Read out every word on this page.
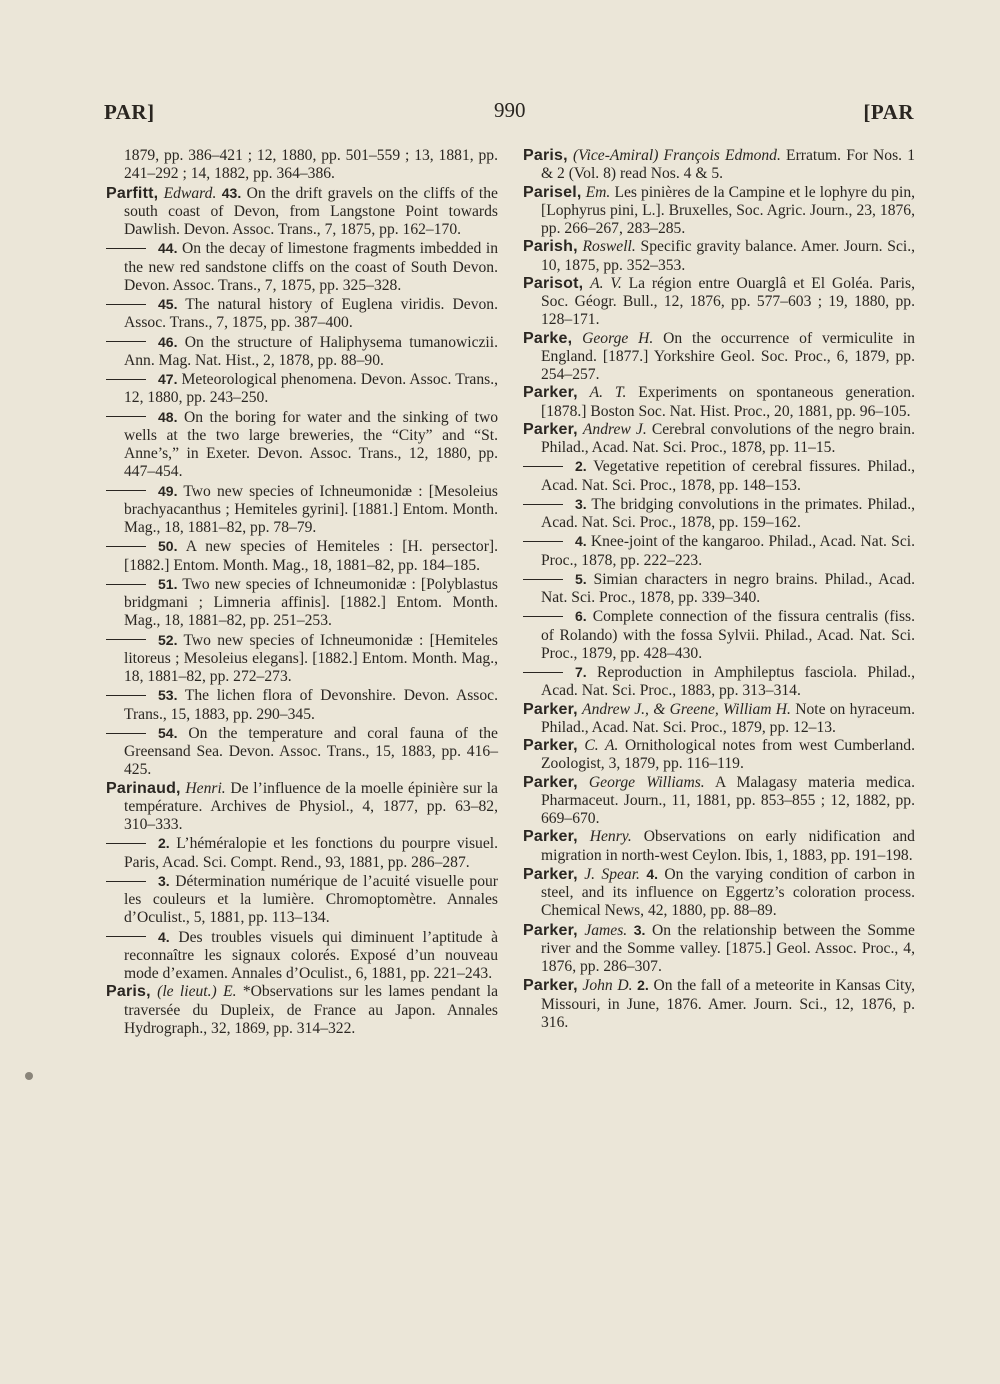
PAR]	990	[PAR

1879, pp. 386–421 ; 12, 1880, pp. 501–559 ; 13, 1881, pp. 241–292 ; 14, 1882, pp. 364–386.

Parfitt, Edward. 43. On the drift gravels on the cliffs of the south coast of Devon, from Langstone Point towards Dawlish. Devon. Assoc. Trans., 7, 1875, pp. 162–170.

44. On the decay of limestone fragments imbedded in the new red sandstone cliffs on the coast of South Devon. Devon. Assoc. Trans., 7, 1875, pp. 325–328.

45. The natural history of Euglena viridis. Devon. Assoc. Trans., 7, 1875, pp. 387–400.

46. On the structure of Haliphysema tumanowiczii. Ann. Mag. Nat. Hist., 2, 1878, pp. 88–90.

47. Meteorological phenomena. Devon. Assoc. Trans., 12, 1880, pp. 243–250.

48. On the boring for water and the sinking of two wells at the two large breweries, the “City” and “St. Anne’s,” in Exeter. Devon. Assoc. Trans., 12, 1880, pp. 447–454.

49. Two new species of Ichneumonidæ : [Mesoleius brachyacanthus ; Hemiteles gyrini]. [1881.] Entom. Month. Mag., 18, 1881–82, pp. 78–79.

50. A new species of Hemiteles : [H. persector]. [1882.] Entom. Month. Mag., 18, 1881–82, pp. 184–185.

51. Two new species of Ichneumonidæ : [Polyblastus bridgmani ; Limneria affinis]. [1882.] Entom. Month. Mag., 18, 1881–82, pp. 251–253.

52. Two new species of Ichneumonidæ : [Hemiteles litoreus ; Mesoleius elegans]. [1882.] Entom. Month. Mag., 18, 1881–82, pp. 272–273.

53. The lichen flora of Devonshire. Devon. Assoc. Trans., 15, 1883, pp. 290–345.

54. On the temperature and coral fauna of the Greensand Sea. Devon. Assoc. Trans., 15, 1883, pp. 416–425.

Parinaud, Henri. De l’influence de la moelle épinière sur la température. Archives de Physiol., 4, 1877, pp. 63–82, 310–333.

2. L’héméralopie et les fonctions du pourpre visuel. Paris, Acad. Sci. Compt. Rend., 93, 1881, pp. 286–287.

3. Détermination numérique de l’acuité visuelle pour les couleurs et la lumière. Chromoptomètre. Annales d’Oculist., 5, 1881, pp. 113–134.

4. Des troubles visuels qui diminuent l’aptitude à reconnaître les signaux colorés. Exposé d’un nouveau mode d’examen. Annales d’Oculist., 6, 1881, pp. 221–243.

Paris, (le lieut.) E. *Observations sur les lames pendant la traversée du Dupleix, de France au Japon. Annales Hydrograph., 32, 1869, pp. 314–322.

Paris, (Vice-Amiral) François Edmond. Erratum. For Nos. 1 & 2 (Vol. 8) read Nos. 4 & 5.

Parisel, Em. Les pinières de la Campine et le lophyre du pin, [Lophyrus pini, L.]. Bruxelles, Soc. Agric. Journ., 23, 1876, pp. 266–267, 283–285.

Parish, Roswell. Specific gravity balance. Amer. Journ. Sci., 10, 1875, pp. 352–353.

Parisot, A. V. La région entre Ouarglâ et El Goléa. Paris, Soc. Géogr. Bull., 12, 1876, pp. 577–603 ; 19, 1880, pp. 128–171.

Parke, George H. On the occurrence of vermiculite in England. [1877.] Yorkshire Geol. Soc. Proc., 6, 1879, pp. 254–257.

Parker, A. T. Experiments on spontaneous generation. [1878.] Boston Soc. Nat. Hist. Proc., 20, 1881, pp. 96–105.

Parker, Andrew J. Cerebral convolutions of the negro brain. Philad., Acad. Nat. Sci. Proc., 1878, pp. 11–15.

2. Vegetative repetition of cerebral fissures. Philad., Acad. Nat. Sci. Proc., 1878, pp. 148–153.

3. The bridging convolutions in the primates. Philad., Acad. Nat. Sci. Proc., 1878, pp. 159–162.

4. Knee-joint of the kangaroo. Philad., Acad. Nat. Sci. Proc., 1878, pp. 222–223.

5. Simian characters in negro brains. Philad., Acad. Nat. Sci. Proc., 1878, pp. 339–340.

6. Complete connection of the fissura centralis (fiss. of Rolando) with the fossa Sylvii. Philad., Acad. Nat. Sci. Proc., 1879, pp. 428–430.

7. Reproduction in Amphileptus fasciola. Philad., Acad. Nat. Sci. Proc., 1883, pp. 313–314.

Parker, Andrew J., & Greene, William H. Note on hyraceum. Philad., Acad. Nat. Sci. Proc., 1879, pp. 12–13.

Parker, C. A. Ornithological notes from west Cumberland. Zoologist, 3, 1879, pp. 116–119.

Parker, George Williams. A Malagasy materia medica. Pharmaceut. Journ., 11, 1881, pp. 853–855 ; 12, 1882, pp. 669–670.

Parker, Henry. Observations on early nidification and migration in north-west Ceylon. Ibis, 1, 1883, pp. 191–198.

Parker, J. Spear. 4. On the varying condition of carbon in steel, and its influence on Eggertz’s coloration process. Chemical News, 42, 1880, pp. 88–89.

Parker, James. 3. On the relationship between the Somme river and the Somme valley. [1875.] Geol. Assoc. Proc., 4, 1876, pp. 286–307.

Parker, John D. 2. On the fall of a meteorite in Kansas City, Missouri, in June, 1876. Amer. Journ. Sci., 12, 1876, p. 316.
